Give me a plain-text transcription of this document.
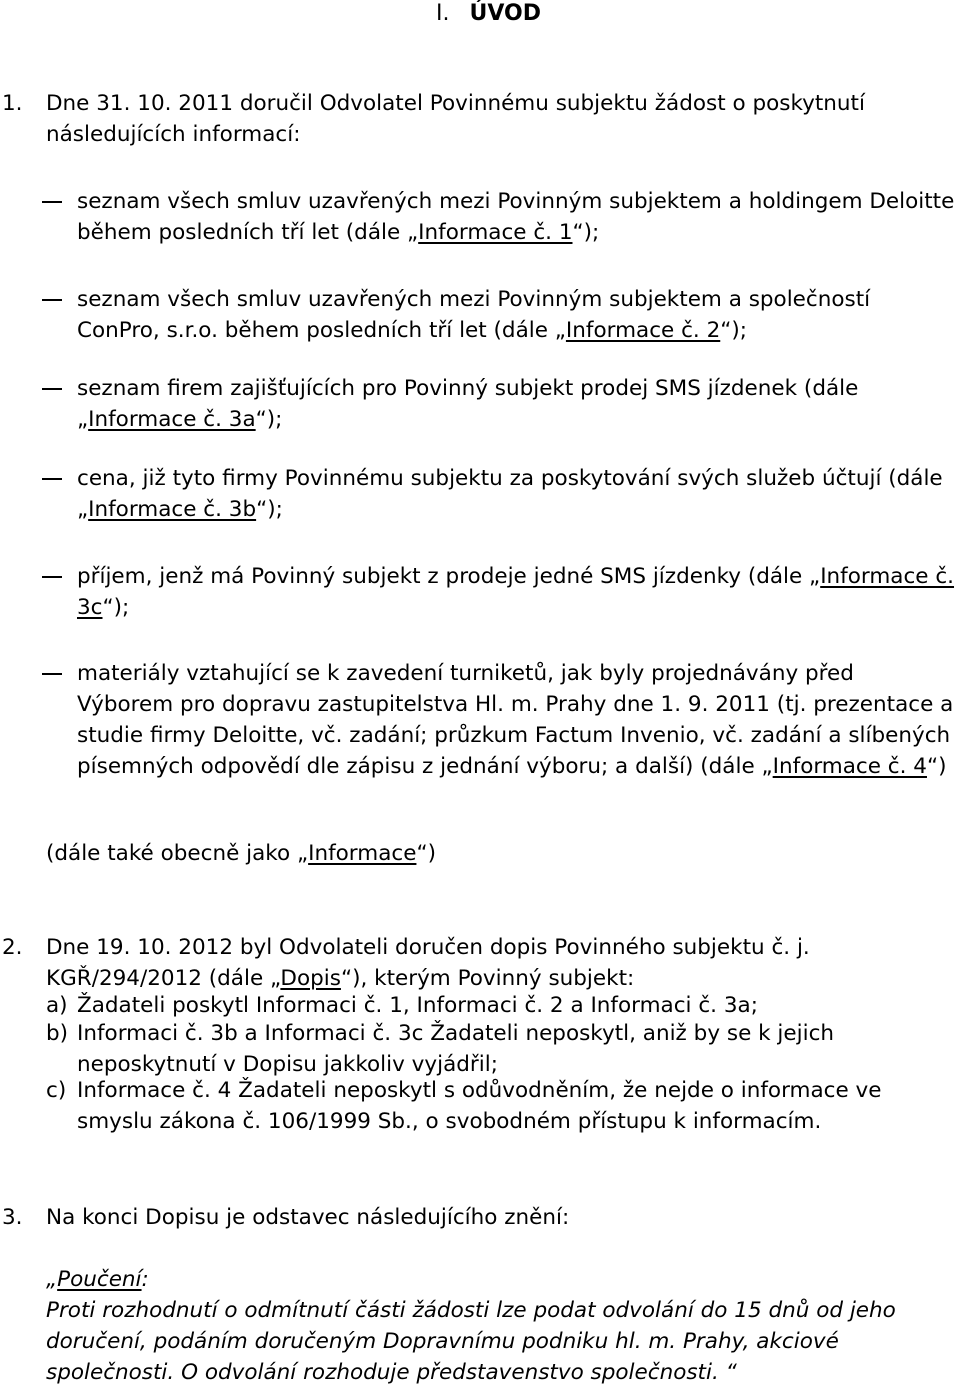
I. ÚVOD
1. Dne 31. 10. 2011 doručil Odvolatel Povinnému subjektu žádost o poskytnutí následujících informací:
seznam všech smluv uzavřených mezi Povinným subjektem a holdingem Deloitte během posledních tří let (dále „Informace č. 1“);
seznam všech smluv uzavřených mezi Povinným subjektem a společností ConPro, s.r.o. během posledních tří let (dále „Informace č. 2“);
seznam firem zajišťujících pro Povinný subjekt prodej SMS jízdenek (dále „Informace č. 3a“);
cena, již tyto firmy Povinnému subjektu za poskytování svých služeb účtují (dále „Informace č. 3b“);
příjem, jenž má Povinný subjekt z prodeje jedné SMS jízdenky (dále „Informace č. 3c“);
materiály vztahující se k zavedení turniketů, jak byly projednávány před Výborem pro dopravu zastupitelstva Hl. m. Prahy dne 1. 9. 2011 (tj. prezentace a studie firmy Deloitte, vč. zadání; průzkum Factum Invenio, vč. zadání a slíbených písemných odpovědí dle zápisu z jednání výboru; a další) (dále „Informace č. 4“)
(dále také obecně jako „Informace“)
2. Dne 19. 10. 2012 byl Odvolateli doručen dopis Povinného subjektu č. j. KGŘ/294/2012 (dále „Dopis“), kterým Povinný subjekt:
a) Žadateli poskytl Informaci č. 1, Informaci č. 2 a Informaci č. 3a;
b) Informaci č. 3b a Informaci č. 3c Žadateli neposkytl, aniž by se k jejich neposkytnutí v Dopisu jakkoliv vyjádřil;
c) Informace č. 4 Žadateli neposkytl s odůvodněním, že nejde o informace ve smyslu zákona č. 106/1999 Sb., o svobodném přístupu k informacím.
3. Na konci Dopisu je odstavec následujícího znění:
„Poučení:
Proti rozhodnutí o odmítnutí části žádosti lze podat odvolání do 15 dnů od jeho doručení, podáním doručeným Dopravnímu podniku hl. m. Prahy, akciové společnosti. O odvolání rozhoduje představenstvo společnosti. “
